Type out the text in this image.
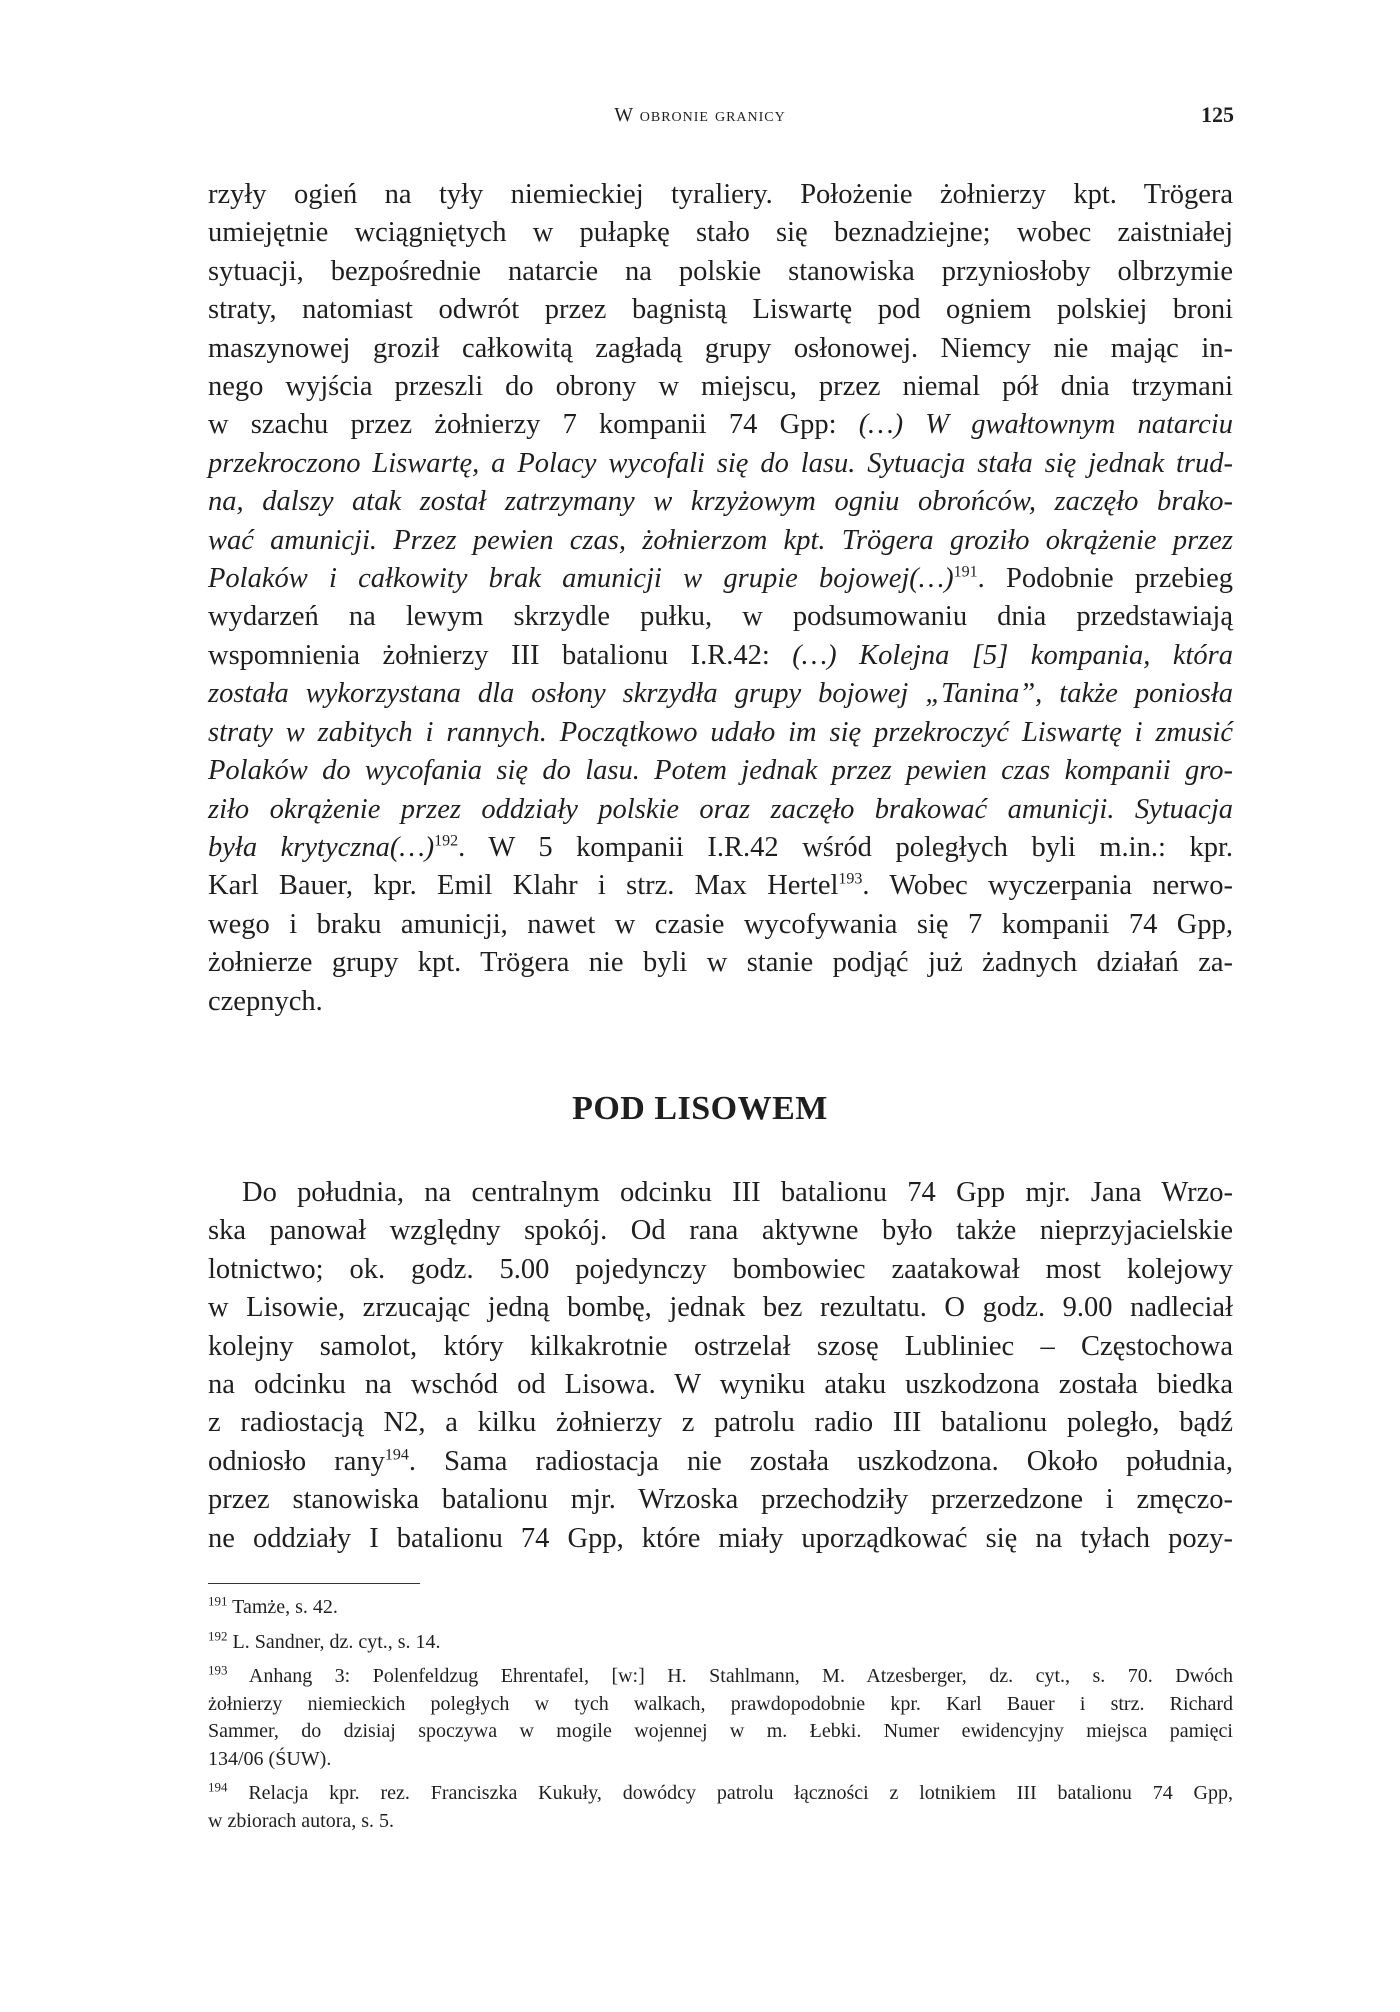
W obronie granicy	125
rzyły ogień na tyły niemieckiej tyraliery. Położenie żołnierzy kpt. Trögera
umiejętnie wciągniętych w pułapkę stało się beznadziejne; wobec zaistniałej
sytuacji, bezpośrednie natarcie na polskie stanowiska przyniosłoby olbrzymie
straty, natomiast odwrót przez bagnistą Liswartę pod ogniem polskiej broni
maszynowej groził całkowitą zagładą grupy osłonowej. Niemcy nie mając in-
nego wyjścia przeszli do obrony w miejscu, przez niemal pół dnia trzymani
w szachu przez żołnierzy 7 kompanii 74 Gpp: (…) W gwałtownym natarciu
przekroczono Liswartę, a Polacy wycofali się do lasu. Sytuacja stała się jednak trud-
na, dalszy atak został zatrzymany w krzyżowym ogniu obrońców, zaczęło brako-
wać amunicji. Przez pewien czas, żołnierzom kpt. Trögera groziło okrążenie przez
Polaków i całkowity brak amunicji w grupie bojowej(…)$^{191}$. Podobnie przebieg
wydarzeń na lewym skrzydle pułku, w podsumowaniu dnia przedstawiają
wspomnienia żołnierzy III batalionu I.R.42: (…) Kolejna [5] kompania, która
została wykorzystana dla osłony skrzydła grupy bojowej „Tanina”, także poniosła
straty w zabitych i rannych. Początkowo udało im się przekroczyć Liswartę i zmusić
Polaków do wycofania się do lasu. Potem jednak przez pewien czas kompanii gro-
ziło okrążenie przez oddziały polskie oraz zaczęło brakować amunicji. Sytuacja
była krytyczna(…)$^{192}$. W 5 kompanii I.R.42 wśród poległych byli m.in.: kpr.
Karl Bauer, kpr. Emil Klahr i strz. Max Hertel$^{193}$. Wobec wyczerpania nerwo-
wego i braku amunicji, nawet w czasie wycofywania się 7 kompanii 74 Gpp,
żołnierze grupy kpt. Trögera nie byli w stanie podjąć już żadnych działań za-
czepnych.
POD LISOWEM
Do południa, na centralnym odcinku III batalionu 74 Gpp mjr. Jana Wrzo-
ska panował względny spokój. Od rana aktywne było także nieprzyjacielskie
lotnictwo; ok. godz. 5.00 pojedynczy bombowiec zaatakował most kolejowy
w Lisowie, zrzucając jedną bombę, jednak bez rezultatu. O godz. 9.00 nadleciał
kolejny samolot, który kilkakrotnie ostrzelał szosę Lubliniec – Częstochowa
na odcinku na wschód od Lisowa. W wyniku ataku uszkodzona została biedka
z radiostacją N2, a kilku żołnierzy z patrolu radio III batalionu poległo, bądź
odniosło rany$^{194}$. Sama radiostacja nie została uszkodzona. Około południa,
przez stanowiska batalionu mjr. Wrzoska przechodziły przerzedzone i zmęczo-
ne oddziały I batalionu 74 Gpp, które miały uporządkować się na tyłach pozy-
$^{191}$ Tamże, s. 42.
$^{192}$ L. Sandner, dz. cyt., s. 14.
$^{193}$ Anhang 3: Polenfeldzug Ehrentafel, [w:] H. Stahlmann, M. Atzesberger, dz. cyt., s. 70. Dwóch
żołnierzy niemieckich poległych w tych walkach, prawdopodobnie kpr. Karl Bauer i strz. Richard
Sammer, do dzisiaj spoczywa w mogile wojennej w m. Łebki. Numer ewidencyjny miejsca pamięci
134/06 (ŚUW).
$^{194}$ Relacja kpr. rez. Franciszka Kukuły, dowódcy patrolu łączności z lotnikiem III batalionu 74 Gpp,
w zbiorach autora, s. 5.
